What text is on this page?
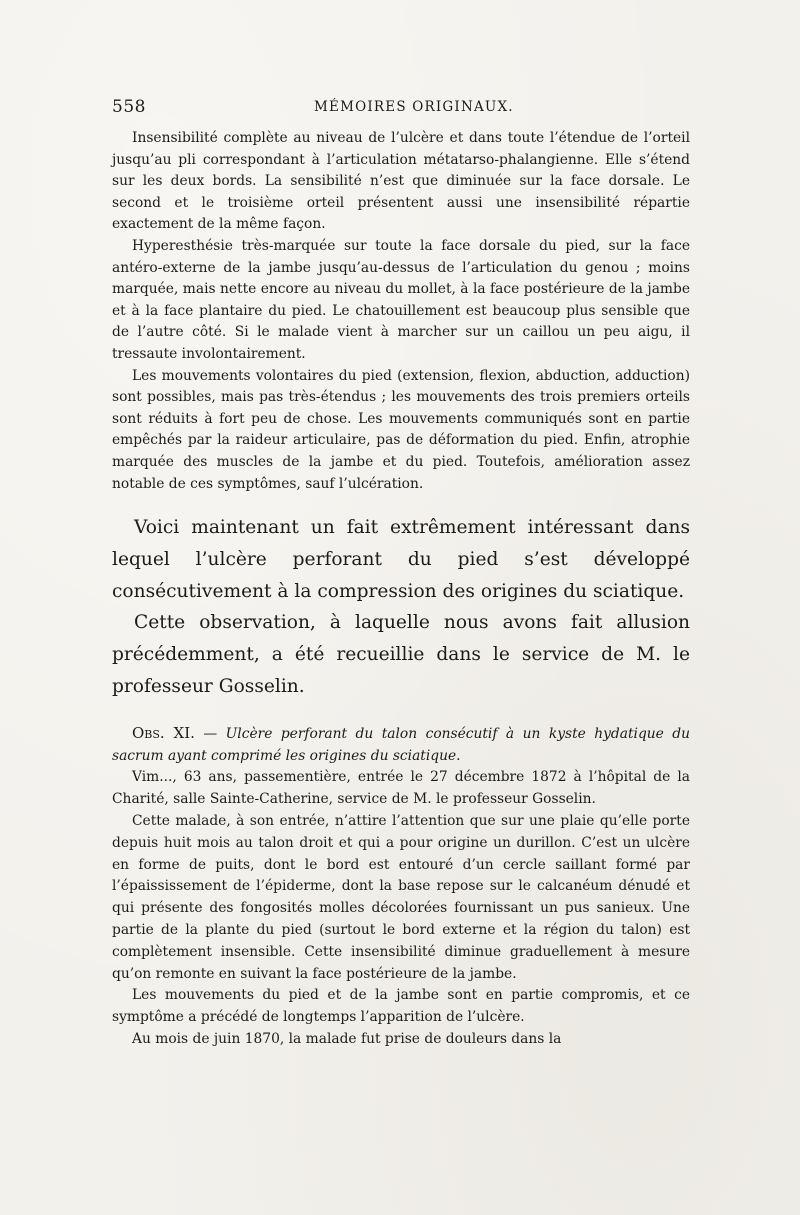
558	MÉMOIRES ORIGINAUX.

Insensibilité complète au niveau de l’ulcère et dans toute l’étendue de l’orteil jusqu’au pli correspondant à l’articulation métatarso-phalangienne. Elle s’étend sur les deux bords. La sensibilité n’est que diminuée sur la face dorsale. Le second et le troisième orteil présentent aussi une insensibilité répartie exactement de la même façon.

Hyperesthésie très-marquée sur toute la face dorsale du pied, sur la face antéro-externe de la jambe jusqu’au-dessus de l’articulation du genou ; moins marquée, mais nette encore au niveau du mollet, à la face postérieure de la jambe et à la face plantaire du pied. Le chatouillement est beaucoup plus sensible que de l’autre côté. Si le malade vient à marcher sur un caillou un peu aigu, il tressaute involontairement.

Les mouvements volontaires du pied (extension, flexion, abduction, adduction) sont possibles, mais pas très-étendus ; les mouvements des trois premiers orteils sont réduits à fort peu de chose. Les mouvements communiqués sont en partie empêchés par la raideur articulaire, pas de déformation du pied. Enfin, atrophie marquée des muscles de la jambe et du pied. Toutefois, amélioration assez notable de ces symptômes, sauf l’ulcération.

Voici maintenant un fait extrêmement intéressant dans lequel l’ulcère perforant du pied s’est développé consécutivement à la compression des origines du sciatique.

Cette observation, à laquelle nous avons fait allusion précédemment, a été recueillie dans le service de M. le professeur Gosselin.

Obs. XI. — Ulcère perforant du talon consécutif à un kyste hydatique du sacrum ayant comprimé les origines du sciatique.

Vim..., 63 ans, passementière, entrée le 27 décembre 1872 à l’hôpital de la Charité, salle Sainte-Catherine, service de M. le professeur Gosselin.

Cette malade, à son entrée, n’attire l’attention que sur une plaie qu’elle porte depuis huit mois au talon droit et qui a pour origine un durillon. C’est un ulcère en forme de puits, dont le bord est entouré d’un cercle saillant formé par l’épaississement de l’épiderme, dont la base repose sur le calcanéum dénudé et qui présente des fongosités molles décolorées fournissant un pus sanieux. Une partie de la plante du pied (surtout le bord externe et la région du talon) est complètement insensible. Cette insensibilité diminue graduellement à mesure qu’on remonte en suivant la face postérieure de la jambe.

Les mouvements du pied et de la jambe sont en partie compromis, et ce symptôme a précédé de longtemps l’apparition de l’ulcère.

Au mois de juin 1870, la malade fut prise de douleurs dans la
